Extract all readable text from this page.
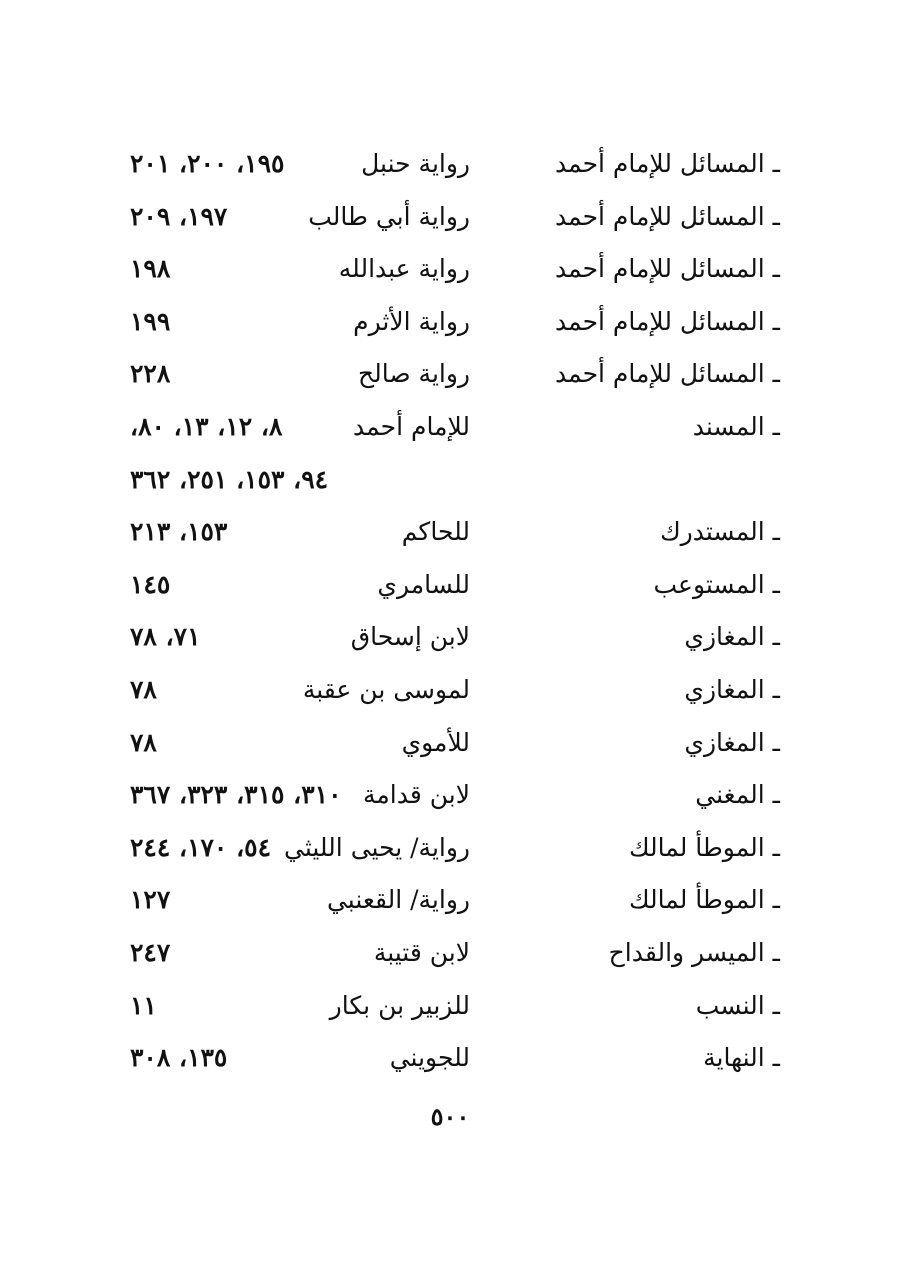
ـ المسائل للإمام أحمد
رواية حنبل
١٩٥، ٢٠٠، ٢٠١
ـ المسائل للإمام أحمد
رواية أبي طالب
١٩٧، ٢٠٩
ـ المسائل للإمام أحمد
رواية عبدالله
١٩٨
ـ المسائل للإمام أحمد
رواية الأثرم
١٩٩
ـ المسائل للإمام أحمد
رواية صالح
٢٢٨
ـ المسند
للإمام أحمد
٨، ١٢، ١٣، ٨٠،
٩٤، ١٥٣، ٢٥١، ٣٦٢
ـ المستدرك
للحاكم
١٥٣، ٢١٣
ـ المستوعب
للسامري
١٤٥
ـ المغازي
لابن إسحاق
٧١، ٧٨
ـ المغازي
لموسى بن عقبة
٧٨
ـ المغازي
للأموي
٧٨
ـ المغني
لابن قدامة
٣١٠، ٣١٥، ٣٢٣، ٣٦٧
ـ الموطأ لمالك
رواية/ يحيى الليثي
٥٤، ١٧٠، ٢٤٤
ـ الموطأ لمالك
رواية/ القعنبي
١٢٧
ـ الميسر والقداح
لابن قتيبة
٢٤٧
ـ النسب
للزبير بن بكار
١١
ـ النهاية
للجويني
١٣٥، ٣٠٨
٥٠٠
